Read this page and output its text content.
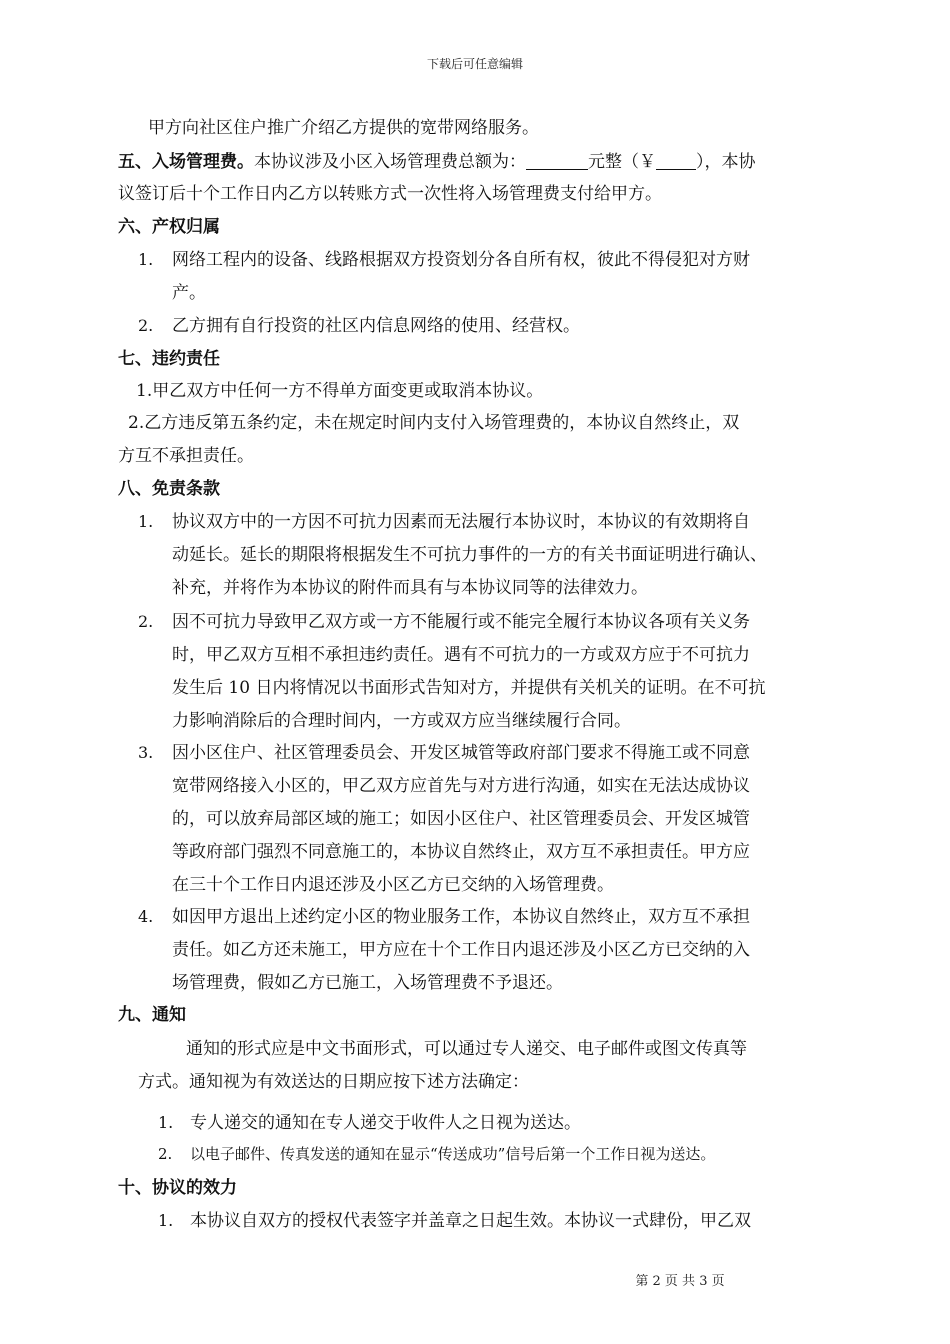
下载后可任意编辑
甲方向社区住户推广介绍乙方提供的宽带网络服务。
五、入场管理费。本协议涉及小区入场管理费总额为：	元整（￥ ），本协
议签订后十个工作日内乙方以转账方式一次性将入场管理费支付给甲方。
六、产权归属
1. 网络工程内的设备、线路根据双方投资划分各自所有权，彼此不得侵犯对方财
产。
2. 乙方拥有自行投资的社区内信息网络的使用、经营权。
七、违约责任
1.甲乙双方中任何一方不得单方面变更或取消本协议。
2.乙方违反第五条约定，未在规定时间内支付入场管理费的，本协议自然终止，双
方互不承担责任。
八、免责条款
1. 协议双方中的一方因不可抗力因素而无法履行本协议时，本协议的有效期将自
动延长。延长的期限将根据发生不可抗力事件的一方的有关书面证明进行确认、
补充，并将作为本协议的附件而具有与本协议同等的法律效力。
2. 因不可抗力导致甲乙双方或一方不能履行或不能完全履行本协议各项有关义务
时，甲乙双方互相不承担违约责任。遇有不可抗力的一方或双方应于不可抗力
发生后 10 日内将情况以书面形式告知对方，并提供有关机关的证明。在不可抗
力影响消除后的合理时间内，一方或双方应当继续履行合同。
3. 因小区住户、社区管理委员会、开发区城管等政府部门要求不得施工或不同意
宽带网络接入小区的，甲乙双方应首先与对方进行沟通，如实在无法达成协议
的，可以放弃局部区域的施工；如因小区住户、社区管理委员会、开发区城管
等政府部门强烈不同意施工的，本协议自然终止，双方互不承担责任。甲方应
在三十个工作日内退还涉及小区乙方已交纳的入场管理费。
4. 如因甲方退出上述约定小区的物业服务工作，本协议自然终止，双方互不承担
责任。如乙方还未施工，甲方应在十个工作日内退还涉及小区乙方已交纳的入
场管理费，假如乙方已施工，入场管理费不予退还。
九、通知
通知的形式应是中文书面形式，可以通过专人递交、电子邮件或图文传真等
方式。通知视为有效送达的日期应按下述方法确定：
1. 专人递交的通知在专人递交于收件人之日视为送达。
2. 以电子邮件、传真发送的通知在显示“传送成功”信号后第一个工作日视为送达。
十、协议的效力
1. 本协议自双方的授权代表签字并盖章之日起生效。本协议一式肆份，甲乙双
第 2 页 共 3 页
